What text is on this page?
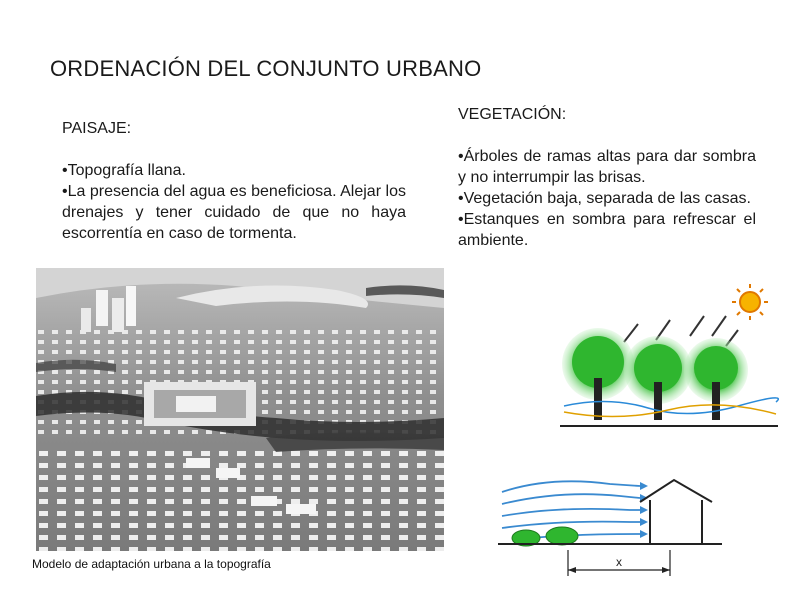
ORDENACIÓN DEL CONJUNTO URBANO
PAISAJE:

•Topografía llana.

•La presencia del agua es beneficiosa. Alejar los drenajes y tener cuidado de que no haya escorrentía en caso de tormenta.

VEGETACIÓN:

•Árboles de ramas altas para dar sombra y no interrumpir las brisas.

•Vegetación baja, separada de las casas.

•Estanques en sombra para refrescar el ambiente.

Modelo de adaptación urbana a la topografía	x
